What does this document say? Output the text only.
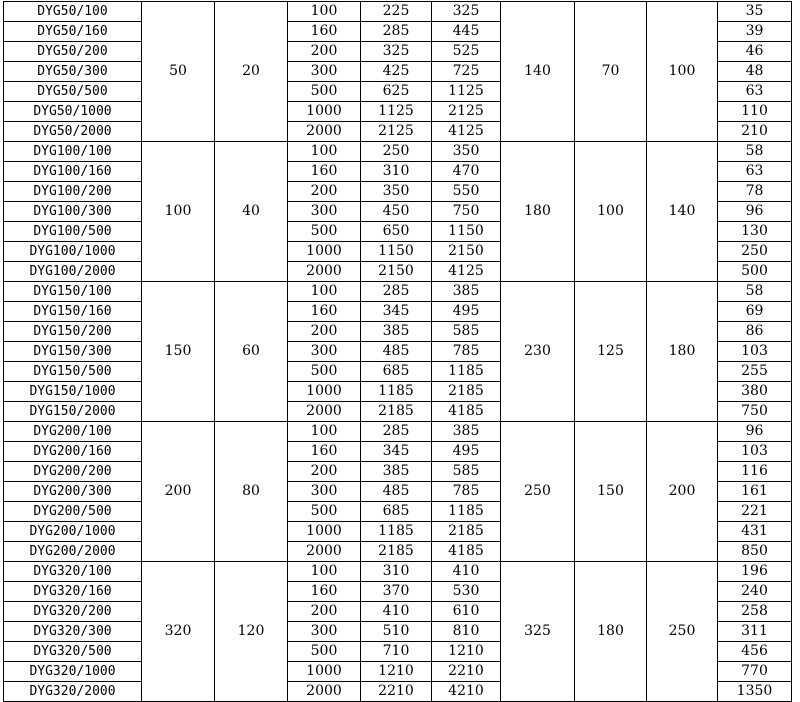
DYG50/100	50	20	100	225	325	140	70	100	35
DYG50/160			160	285	445				39
DYG50/200			200	325	525				46
DYG50/300			300	425	725				48
DYG50/500			500	625	1125				63
DYG50/1000			1000	1125	2125				110
DYG50/2000			2000	2125	4125				210
DYG100/100	100	40	100	250	350	180	100	140	58
DYG100/160			160	310	470				63
DYG100/200			200	350	550				78
DYG100/300			300	450	750				96
DYG100/500			500	650	1150				130
DYG100/1000			1000	1150	2150				250
DYG100/2000			2000	2150	4125				500
DYG150/100	150	60	100	285	385	230	125	180	58
DYG150/160			160	345	495				69
DYG150/200			200	385	585				86
DYG150/300			300	485	785				103
DYG150/500			500	685	1185				255
DYG150/1000			1000	1185	2185				380
DYG150/2000			2000	2185	4185				750
DYG200/100	200	80	100	285	385	250	150	200	96
DYG200/160			160	345	495				103
DYG200/200			200	385	585				116
DYG200/300			300	485	785				161
DYG200/500			500	685	1185				221
DYG200/1000			1000	1185	2185				431
DYG200/2000			2000	2185	4185				850
DYG320/100	320	120	100	310	410	325	180	250	196
DYG320/160			160	370	530				240
DYG320/200			200	410	610				258
DYG320/300			300	510	810				311
DYG320/500			500	710	1210				456
DYG320/1000			1000	1210	2210				770
DYG320/2000			2000	2210	4210				1350
